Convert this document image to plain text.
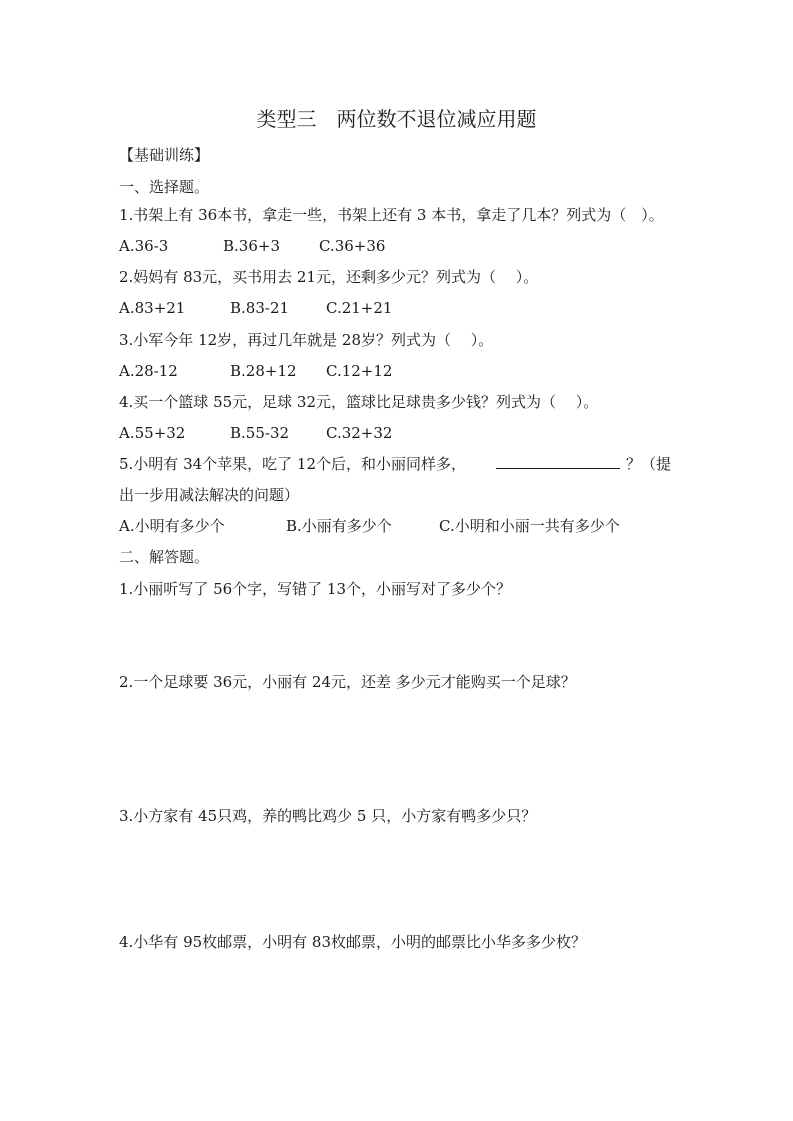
类型三　两位数不退位减应用题
【基础训练】
一、选择题。
1.书架上有 36本书，拿走一些，书架上还有 3 本书，拿走了几本？列式为（　）。
A.36-3	B.36+3	C.36+36
2.妈妈有 83元，买书用去 21元，还剩多少元？列式为（　 ）。
A.83+21	B.83-21 C.21+21
3.小军今年 12岁，再过几年就是 28岁？列式为（　 ）。
A.28-12	B.28+12 C.12+12
4.买一个篮球 55元，足球 32元，篮球比足球贵多少钱？列式为（　 ）。
A.55+32	B.55-32 C.32+32
5.小明有 34个苹果，吃了 12个后，和小丽同样多，	？（提
出一步用减法解决的问题）
A.小明有多少个	B.小丽有多少个	C.小明和小丽一共有多少个
二、解答题。
1.小丽听写了 56个字，写错了 13个，小丽写对了多少个？
2.一个足球要 36元，小丽有 24元，还差 多少元才能购买一个足球？
3.小方家有 45只鸡，养的鸭比鸡少 5 只，小方家有鸭多少只？
4.小华有 95枚邮票，小明有 83枚邮票，小明的邮票比小华多多少枚？
